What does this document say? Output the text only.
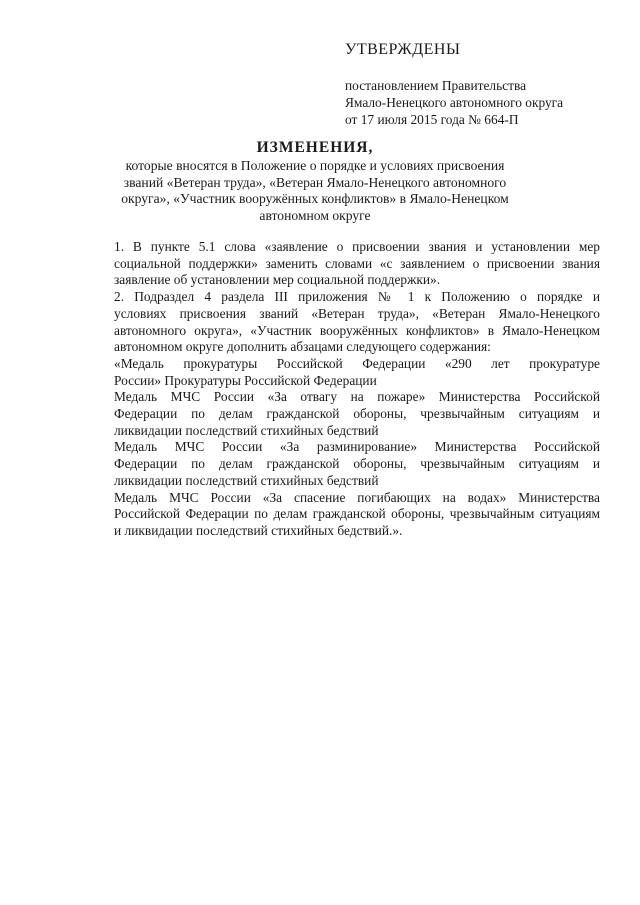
УТВЕРЖДЕНЫ

постановлением Правительства

Ямало-Ненецкого автономного округа

от 17 июля 2015 года № 664-П

ИЗМЕНЕНИЯ,

которые вносятся в Положение о порядке и условиях присвоения

званий «Ветеран труда», «Ветеран Ямало-Ненецкого автономного

округа», «Участник вооружённых конфликтов» в Ямало-Ненецком

автономном округе

1. В пункте 5.1 слова «заявление о присвоении звания и установлении мер
социальной поддержки» заменить словами «с заявлением о присвоении звания
заявление об установлении мер социальной поддержки».

2. Подраздел 4 раздела III приложения № 1 к Положению о порядке и
условиях присвоения званий «Ветеран труда», «Ветеран Ямало-Ненецкого
автономного округа», «Участник вооружённых конфликтов» в Ямало-Ненецком
автономном округе дополнить абзацами следующего содержания:

«Медаль прокуратуры Российской Федерации «290 лет прокуратуре
России» Прокуратуры Российской Федерации

Медаль МЧС России «За отвагу на пожаре» Министерства Российской
Федерации по делам гражданской обороны, чрезвычайным ситуациям и
ликвидации последствий стихийных бедствий

Медаль МЧС России «За разминирование» Министерства Российской
Федерации по делам гражданской обороны, чрезвычайным ситуациям и
ликвидации последствий стихийных бедствий

Медаль МЧС России «За спасение погибающих на водах» Министерства
Российской Федерации по делам гражданской обороны, чрезвычайным ситуациям
и ликвидации последствий стихийных бедствий.».
